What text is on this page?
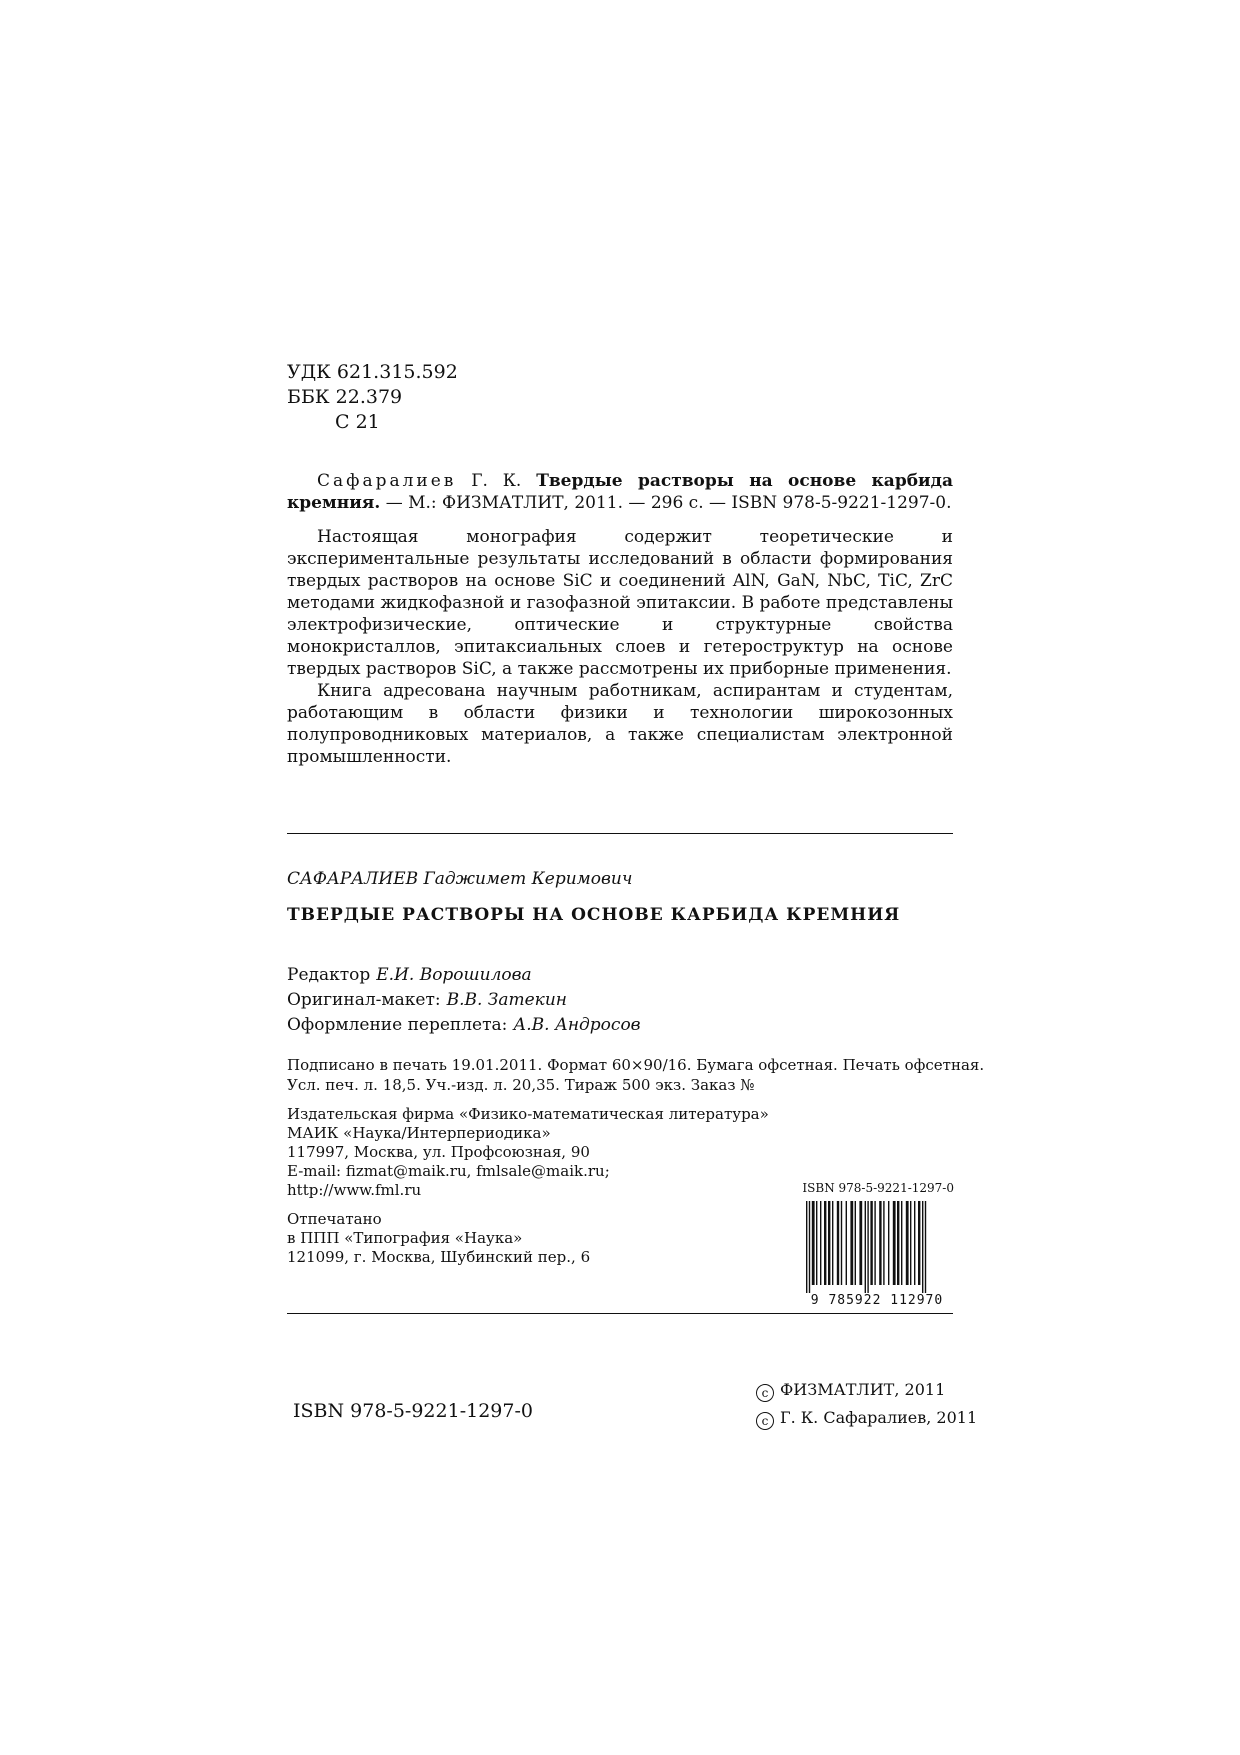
УДК 621.315.592
ББК 22.379
С 21

Сафаралиев Г. К. Твердые растворы на основе карбида кремния. — М.: ФИЗМАТЛИТ, 2011. — 296 с. — ISBN 978-5-9221-1297-0.

Настоящая монография содержит теоретические и экспериментальные результаты исследований в области формирования твердых растворов на основе SiC и соединений AlN, GaN, NbC, TiC, ZrC методами жидкофазной и газофазной эпитаксии. В работе представлены электрофизические, оптические и структурные свойства монокристаллов, эпитаксиальных слоев и гетероструктур на основе твердых растворов SiC, а также рассмотрены их приборные применения.

Книга адресована научным работникам, аспирантам и студентам, работающим в области физики и технологии широкозонных полупроводниковых материалов, а также специалистам электронной промышленности.

САФАРАЛИЕВ Гаджимет Керимович
ТВЕРДЫЕ РАСТВОРЫ НА ОСНОВЕ КАРБИДА КРЕМНИЯ
Редактор Е.И. Ворошилова
Оригинал-макет: В.В. Затекин
Оформление переплета: А.В. Андросов
Подписано в печать 19.01.2011. Формат 60×90/16. Бумага офсетная. Печать офсетная.
Усл. печ. л. 18,5. Уч.-изд. л. 20,35. Тираж 500 экз. Заказ №
Издательская фирма «Физико-математическая литература»
МАИК «Наука/Интерпериодика»
117997, Москва, ул. Профсоюзная, 90
E-mail: fizmat@maik.ru, fmlsale@maik.ru;
http://www.fml.ru
Отпечатано
в ППП «Типография «Наука»
121099, г. Москва, Шубинский пер., 6
ISBN 978-5-9221-1297-0
9 785922 112970
ISBN 978-5-9221-1297-0
c ФИЗМАТЛИТ, 2011
c Г. К. Сафаралиев, 2011
